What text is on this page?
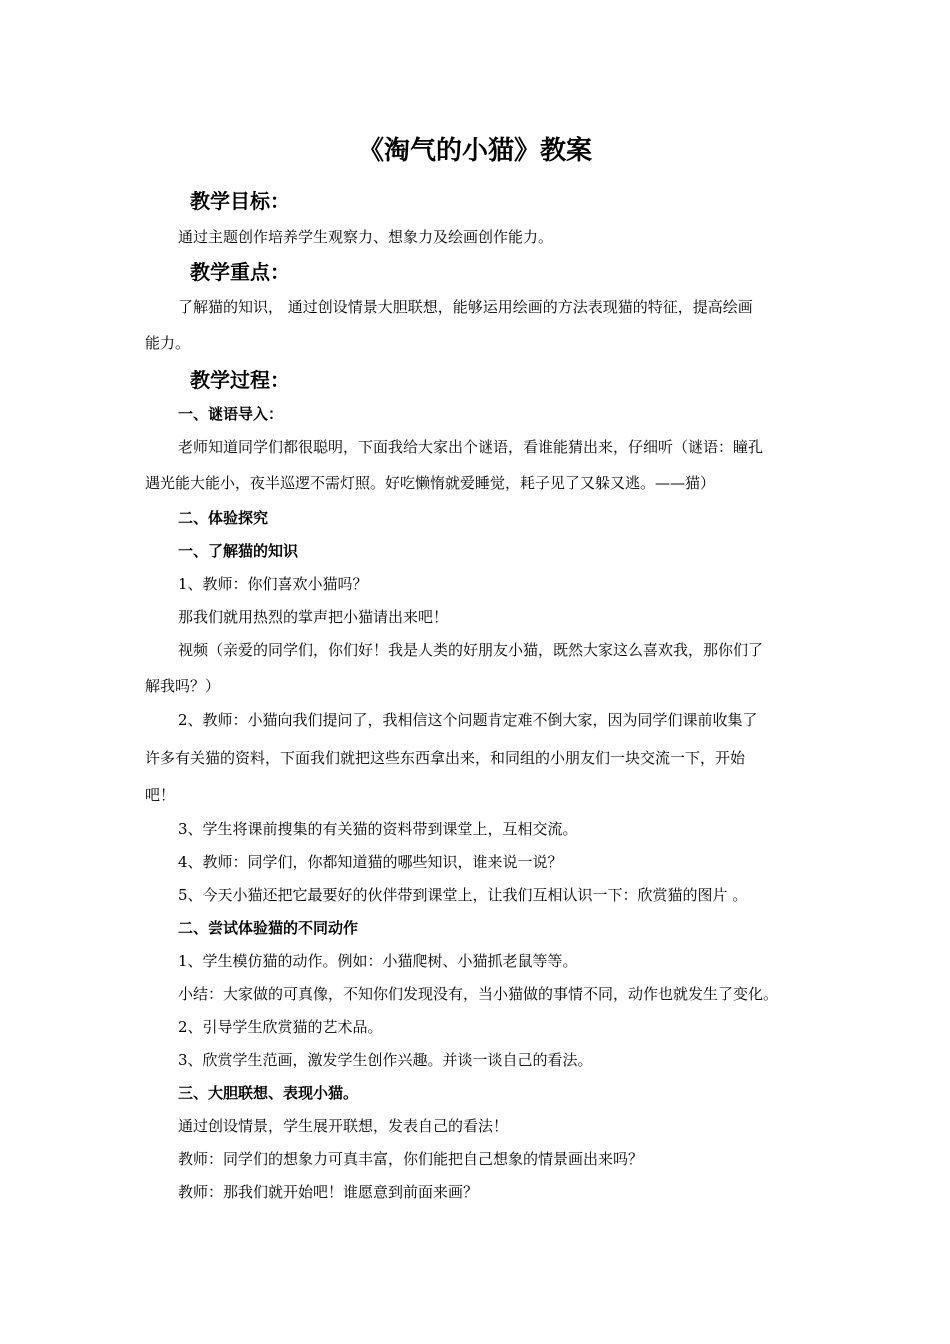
《淘气的小猫》教案
教学目标：

通过主题创作培养学生观察力、想象力及绘画创作能力。

教学重点：

了解猫的知识， 通过创设情景大胆联想，能够运用绘画的方法表现猫的特征，提高绘画

能力。

教学过程：
一、谜语导入：

老师知道同学们都很聪明，下面我给大家出个谜语，看谁能猜出来，仔细听（谜语：瞳孔

遇光能大能小，夜半巡逻不需灯照。好吃懒惰就爱睡觉，耗子见了又躲又逃。——猫）

二、体验探究
一、了解猫的知识

1、教师：你们喜欢小猫吗？

那我们就用热烈的掌声把小猫请出来吧！

视频（亲爱的同学们，你们好！我是人类的好朋友小猫，既然大家这么喜欢我，那你们了

解我吗？）

2、教师：小猫向我们提问了，我相信这个问题肯定难不倒大家，因为同学们课前收集了

许多有关猫的资料，下面我们就把这些东西拿出来，和同组的小朋友们一块交流一下，开始

吧！

3、学生将课前搜集的有关猫的资料带到课堂上，互相交流。

4、教师：同学们，你都知道猫的哪些知识，谁来说一说？

5、今天小猫还把它最要好的伙伴带到课堂上，让我们互相认识一下：欣赏猫的图片 。

二、尝试体验猫的不同动作

1、学生模仿猫的动作。例如：小猫爬树、小猫抓老鼠等等。

小结：大家做的可真像，不知你们发现没有，当小猫做的事情不同，动作也就发生了变化。

2、引导学生欣赏猫的艺术品。

3、欣赏学生范画，激发学生创作兴趣。并谈一谈自己的看法。

三、大胆联想、表现小猫。

通过创设情景，学生展开联想，发表自己的看法！

教师：同学们的想象力可真丰富，你们能把自己想象的情景画出来吗？

教师：那我们就开始吧！谁愿意到前面来画？
